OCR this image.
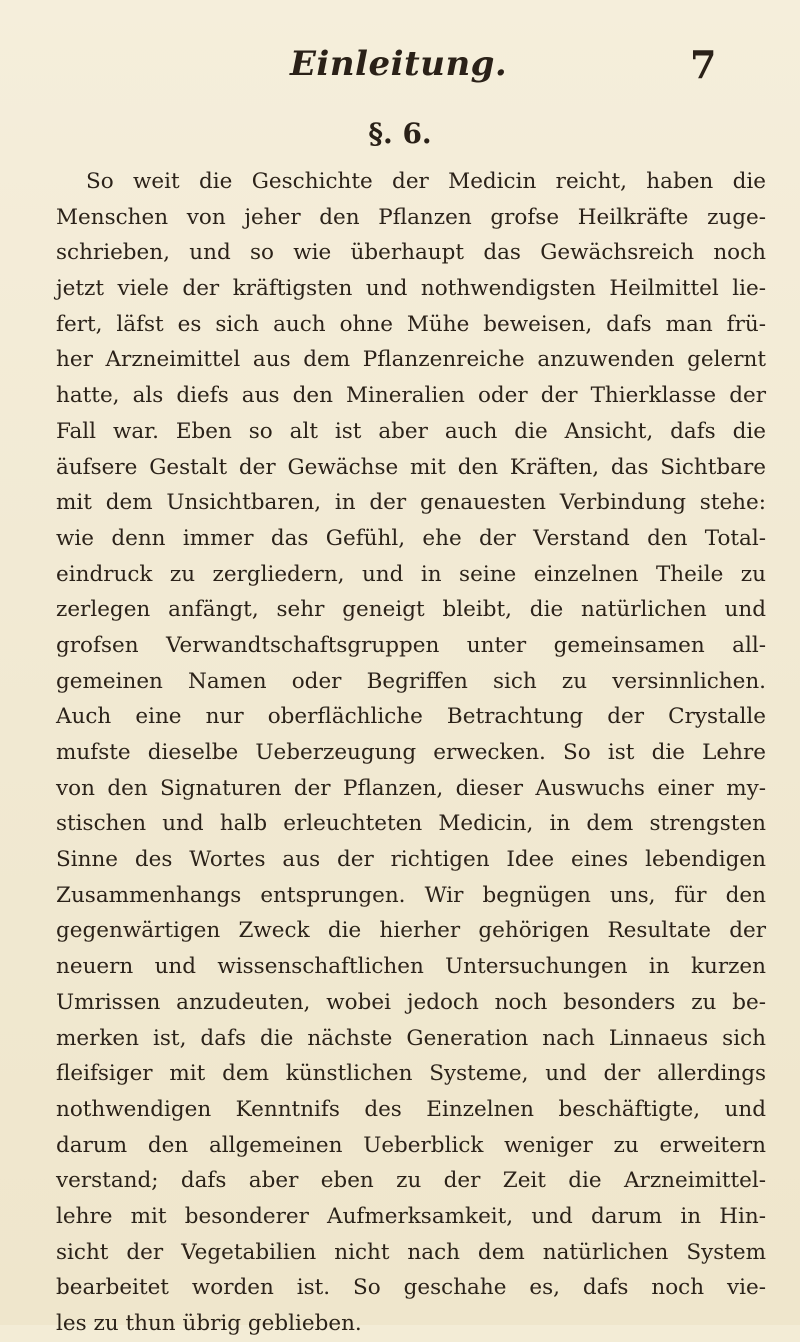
Einleitung.	7
§. 6.
So weit die Geschichte der Medicin reicht, haben die
Menschen von jeher den Pflanzen grofse Heilkräfte zuge-
schrieben, und so wie überhaupt das Gewächsreich noch
jetzt viele der kräftigsten und nothwendigsten Heilmittel lie-
fert, läfst es sich auch ohne Mühe beweisen, dafs man frü-
her Arzneimittel aus dem Pflanzenreiche anzuwenden gelernt
hatte, als diefs aus den Mineralien oder der Thierklasse der
Fall war. Eben so alt ist aber auch die Ansicht, dafs die
äufsere Gestalt der Gewächse mit den Kräften, das Sichtbare
mit dem Unsichtbaren, in der genauesten Verbindung stehe:
wie denn immer das Gefühl, ehe der Verstand den Total-
eindruck zu zergliedern, und in seine einzelnen Theile zu
zerlegen anfängt, sehr geneigt bleibt, die natürlichen und
grofsen Verwandtschaftsgruppen unter gemeinsamen all-
gemeinen Namen oder Begriffen sich zu versinnlichen.
Auch eine nur oberflächliche Betrachtung der Crystalle
mufste dieselbe Ueberzeugung erwecken. So ist die Lehre
von den Signaturen der Pflanzen, dieser Auswuchs einer my-
stischen und halb erleuchteten Medicin, in dem strengsten
Sinne des Wortes aus der richtigen Idee eines lebendigen
Zusammenhangs entsprungen. Wir begnügen uns, für den
gegenwärtigen Zweck die hierher gehörigen Resultate der
neuern und wissenschaftlichen Untersuchungen in kurzen
Umrissen anzudeuten, wobei jedoch noch besonders zu be-
merken ist, dafs die nächste Generation nach Linnaeus sich
fleifsiger mit dem künstlichen Systeme, und der allerdings
nothwendigen Kenntnifs des Einzelnen beschäftigte, und
darum den allgemeinen Ueberblick weniger zu erweitern
verstand; dafs aber eben zu der Zeit die Arzneimittel-
lehre mit besonderer Aufmerksamkeit, und darum in Hin-
sicht der Vegetabilien nicht nach dem natürlichen System
bearbeitet worden ist. So geschahe es, dafs noch vie-
les zu thun übrig geblieben.
